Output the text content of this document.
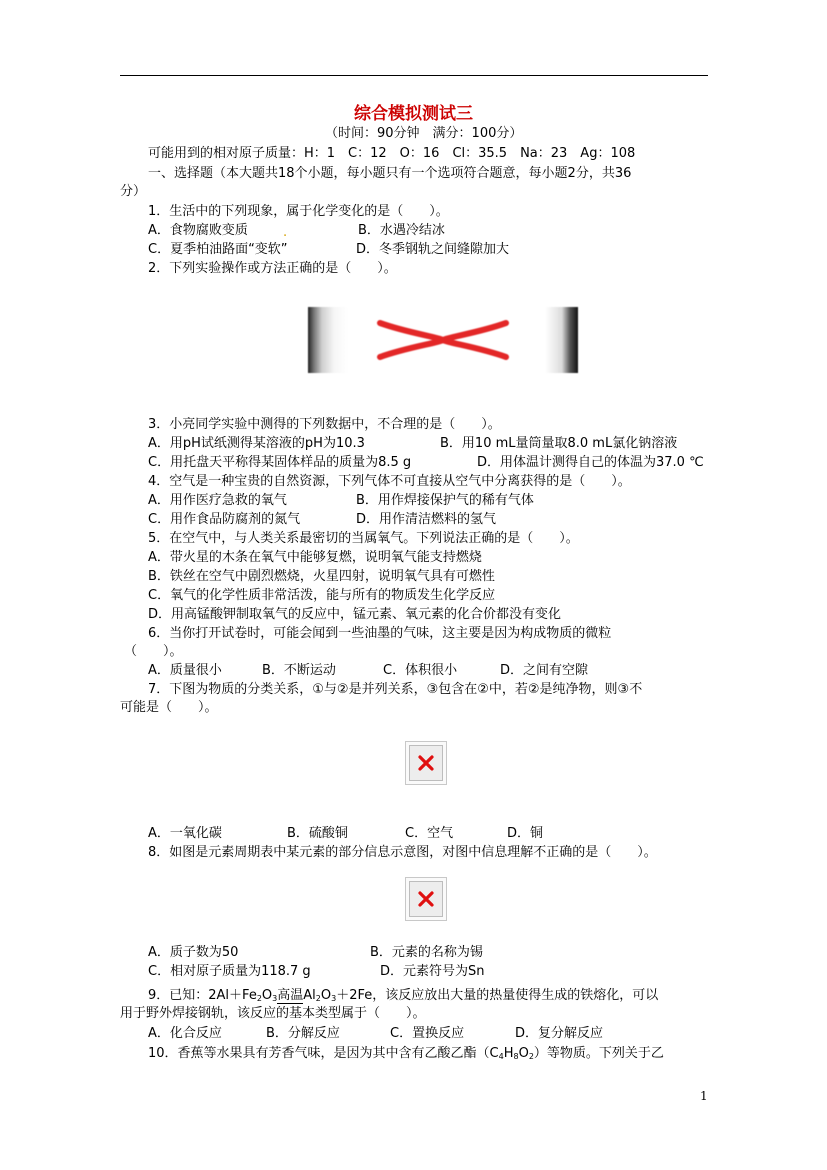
综合模拟测试三
（时间：90分钟　满分：100分）
可能用到的相对原子质量：H：1　C：12　O：16　Cl：35.5　Na：23　Ag：108
一、选择题（本大题共18个小题，每小题只有一个选项符合题意，每小题2分，共36
分）
1．生活中的下列现象，属于化学变化的是（　　）。
A．食物腐败变质	.	B．水遇冷结冰
C．夏季柏油路面“变软”	D．冬季钢轨之间缝隙加大
2．下列实验操作或方法正确的是（　　）。
3．小亮同学实验中测得的下列数据中，不合理的是（　　）。
A．用pH试纸测得某溶液的pH为10.3	B．用10 mL量筒量取8.0 mL氯化钠溶液
C．用托盘天平称得某固体样品的质量为8.5 g	D．用体温计测得自己的体温为37.0 ℃
4．空气是一种宝贵的自然资源，下列气体不可直接从空气中分离获得的是（　　）。
A．用作医疗急救的氧气	B．用作焊接保护气的稀有气体
C．用作食品防腐剂的氮气	D．用作清洁燃料的氢气
5．在空气中，与人类关系最密切的当属氧气。下列说法正确的是（　　）。
A．带火星的木条在氧气中能够复燃，说明氧气能支持燃烧
B．铁丝在空气中剧烈燃烧，火星四射，说明氧气具有可燃性
C．氧气的化学性质非常活泼，能与所有的物质发生化学反应
D．用高锰酸钾制取氧气的反应中，锰元素、氧元素的化合价都没有变化
6．当你打开试卷时，可能会闻到一些油墨的气味，这主要是因为构成物质的微粒
（　　）。
A．质量很小	B．不断运动	C．体积很小	D．之间有空隙
7．下图为物质的分类关系，①与②是并列关系，③包含在②中，若②是纯净物，则③不
可能是（　　）。
A．一氧化碳	B．硫酸铜	C．空气	D．铜
8．如图是元素周期表中某元素的部分信息示意图，对图中信息理解不正确的是（　　）。
A．质子数为50	B．元素的名称为锡
C．相对原子质量为118.7 g	D．元素符号为Sn
9．已知：$2Al+Fe_2O_3$高温$Al_2O_3+2Fe$，该反应放出大量的热量使得生成的铁熔化，可以
用于野外焊接钢轨，该反应的基本类型属于（　　）。
A．化合反应	B．分解反应	C．置换反应	D．复分解反应
10．香蕉等水果具有芳香气味，是因为其中含有乙酸乙酯$(C_4H_8O_2)$等物质。下列关于乙
1
